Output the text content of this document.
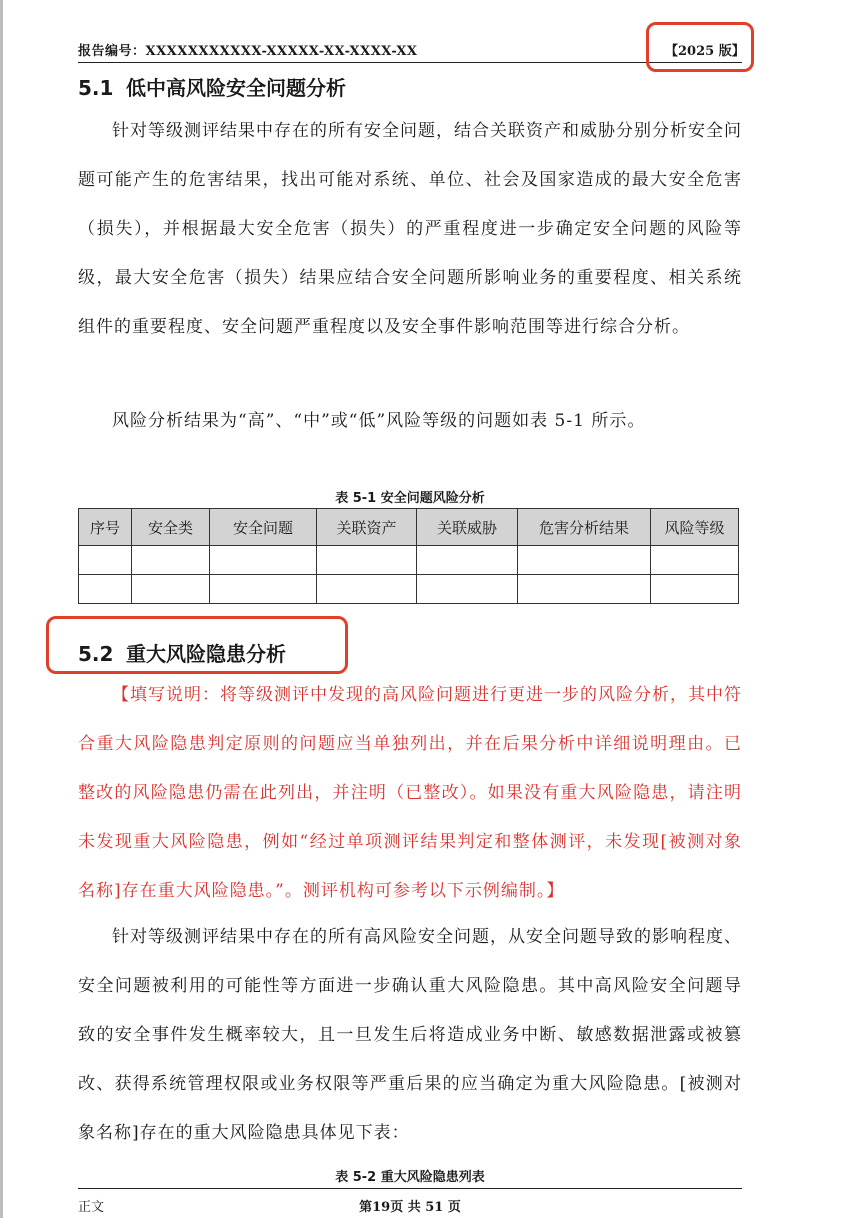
报告编号：XXXXXXXXXXX-XXXXX-XX-XXXX-XX	【2025 版】
5.1 低中高风险安全问题分析

针对等级测评结果中存在的所有安全问题，结合关联资产和威胁分别分析安全问题可能产生的危害结果，找出可能对系统、单位、社会及国家造成的最大安全危害（损失），并根据最大安全危害（损失）的严重程度进一步确定安全问题的风险等级，最大安全危害（损失）结果应结合安全问题所影响业务的重要程度、相关系统组件的重要程度、安全问题严重程度以及安全事件影响范围等进行综合分析。

风险分析结果为“高”、“中”或“低”风险等级的问题如表 5-1 所示。

表 5-1 安全问题风险分析
序号	安全类	安全问题	关联资产	关联威胁	危害分析结果	风险等级

5.2 重大风险隐患分析

【填写说明：将等级测评中发现的高风险问题进行更进一步的风险分析，其中符合重大风险隐患判定原则的问题应当单独列出，并在后果分析中详细说明理由。已整改的风险隐患仍需在此列出，并注明（已整改）。如果没有重大风险隐患，请注明未发现重大风险隐患，例如“经过单项测评结果判定和整体测评，未发现[被测对象名称]存在重大风险隐患。”。测评机构可参考以下示例编制。】

针对等级测评结果中存在的所有高风险安全问题，从安全问题导致的影响程度、安全问题被利用的可能性等方面进一步确认重大风险隐患。其中高风险安全问题导致的安全事件发生概率较大，且一旦发生后将造成业务中断、敏感数据泄露或被篡改、获得系统管理权限或业务权限等严重后果的应当确定为重大风险隐患。[被测对象名称]存在的重大风险隐患具体见下表：

表 5-2 重大风险隐患列表
正文	第19页 共 51 页
